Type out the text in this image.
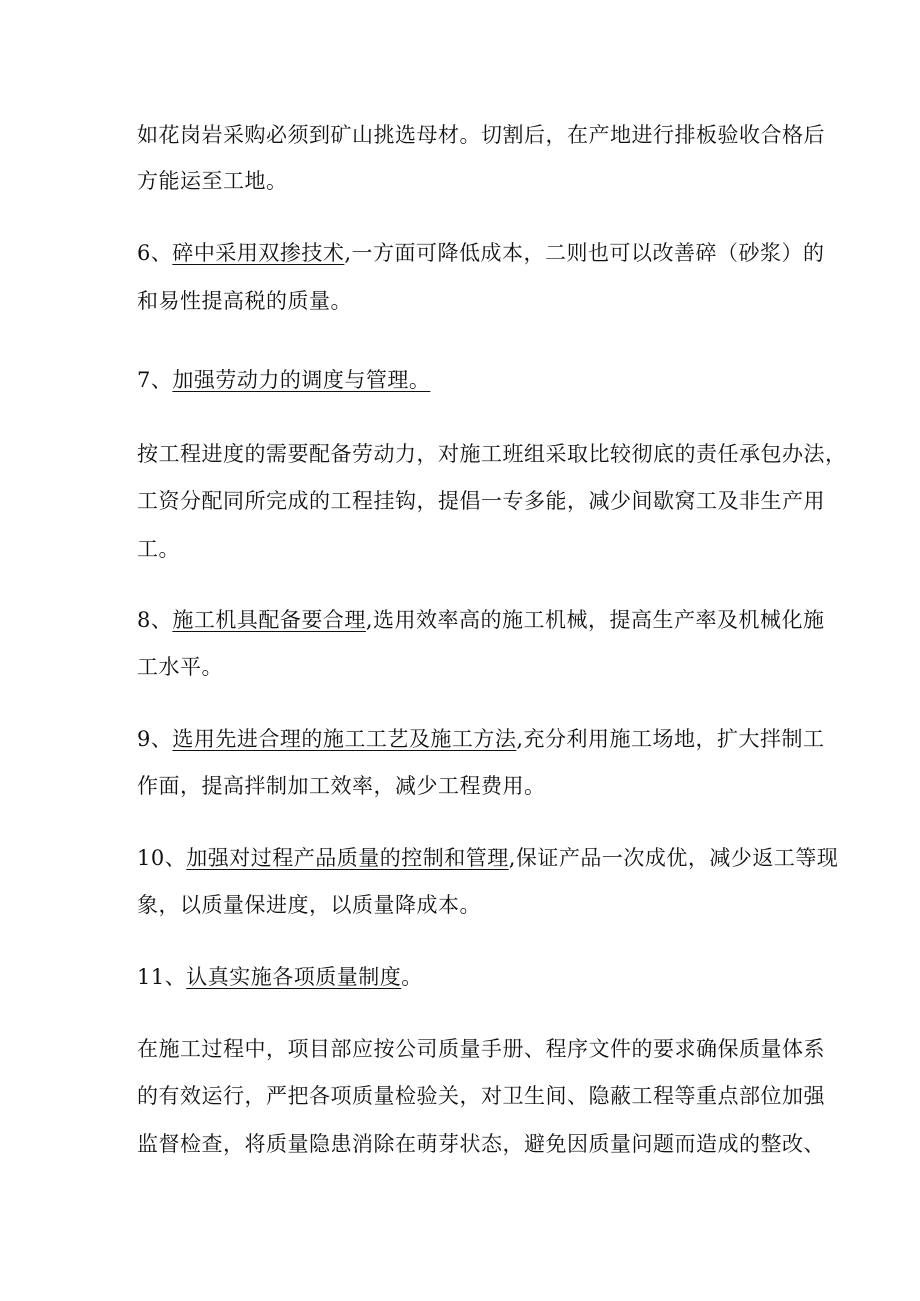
如花岗岩采购必须到矿山挑选母材。切割后，在产地进行排板验收合格后
方能运至工地。
6、碎中采用双掺技术,一方面可降低成本，二则也可以改善碎（砂浆）的
和易性提高税的质量。
7、加强劳动力的调度与管理。
按工程进度的需要配备劳动力，对施工班组采取比较彻底的责任承包办法，
工资分配同所完成的工程挂钩，提倡一专多能，减少间歇窝工及非生产用
工。
8、施工机具配备要合理,选用效率高的施工机械，提高生产率及机械化施
工水平。
9、选用先进合理的施工工艺及施工方法,充分利用施工场地，扩大拌制工
作面，提高拌制加工效率，减少工程费用。
10、加强对过程产品质量的控制和管理,保证产品一次成优，减少返工等现
象，以质量保进度，以质量降成本。
11、认真实施各项质量制度。
在施工过程中，项目部应按公司质量手册、程序文件的要求确保质量体系
的有效运行，严把各项质量检验关，对卫生间、隐蔽工程等重点部位加强
监督检查，将质量隐患消除在萌芽状态，避免因质量问题而造成的整改、
